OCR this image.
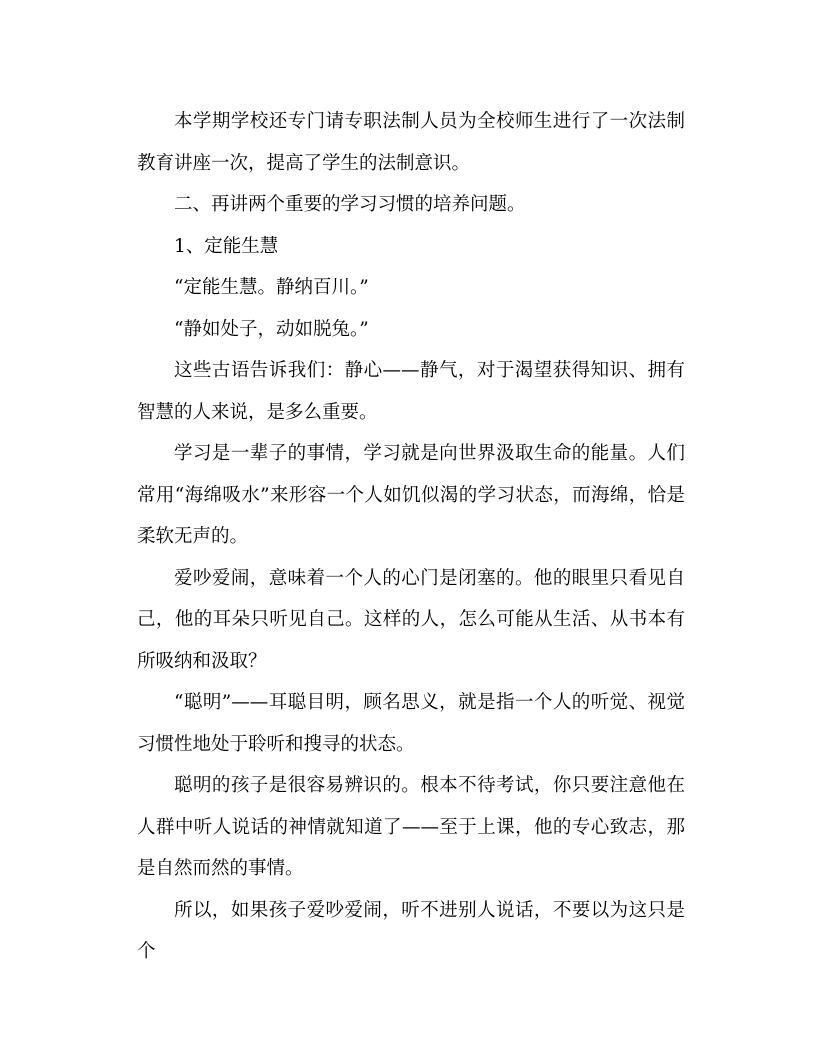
本学期学校还专门请专职法制人员为全校师生进行了一次法制教育讲座一次，提高了学生的法制意识。

二、再讲两个重要的学习习惯的培养问题。

1、定能生慧

“定能生慧。静纳百川。”

“静如处子，动如脱兔。”

这些古语告诉我们：静心——静气，对于渴望获得知识、拥有智慧的人来说，是多么重要。

学习是一辈子的事情，学习就是向世界汲取生命的能量。人们常用“海绵吸水”来形容一个人如饥似渴的学习状态，而海绵，恰是柔软无声的。

爱吵爱闹，意味着一个人的心门是闭塞的。他的眼里只看见自己，他的耳朵只听见自己。这样的人，怎么可能从生活、从书本有所吸纳和汲取？

“聪明”——耳聪目明，顾名思义，就是指一个人的听觉、视觉习惯性地处于聆听和搜寻的状态。

聪明的孩子是很容易辨识的。根本不待考试，你只要注意他在人群中听人说话的神情就知道了——至于上课，他的专心致志，那是自然而然的事情。

所以，如果孩子爱吵爱闹，听不进别人说话，不要以为这只是个
